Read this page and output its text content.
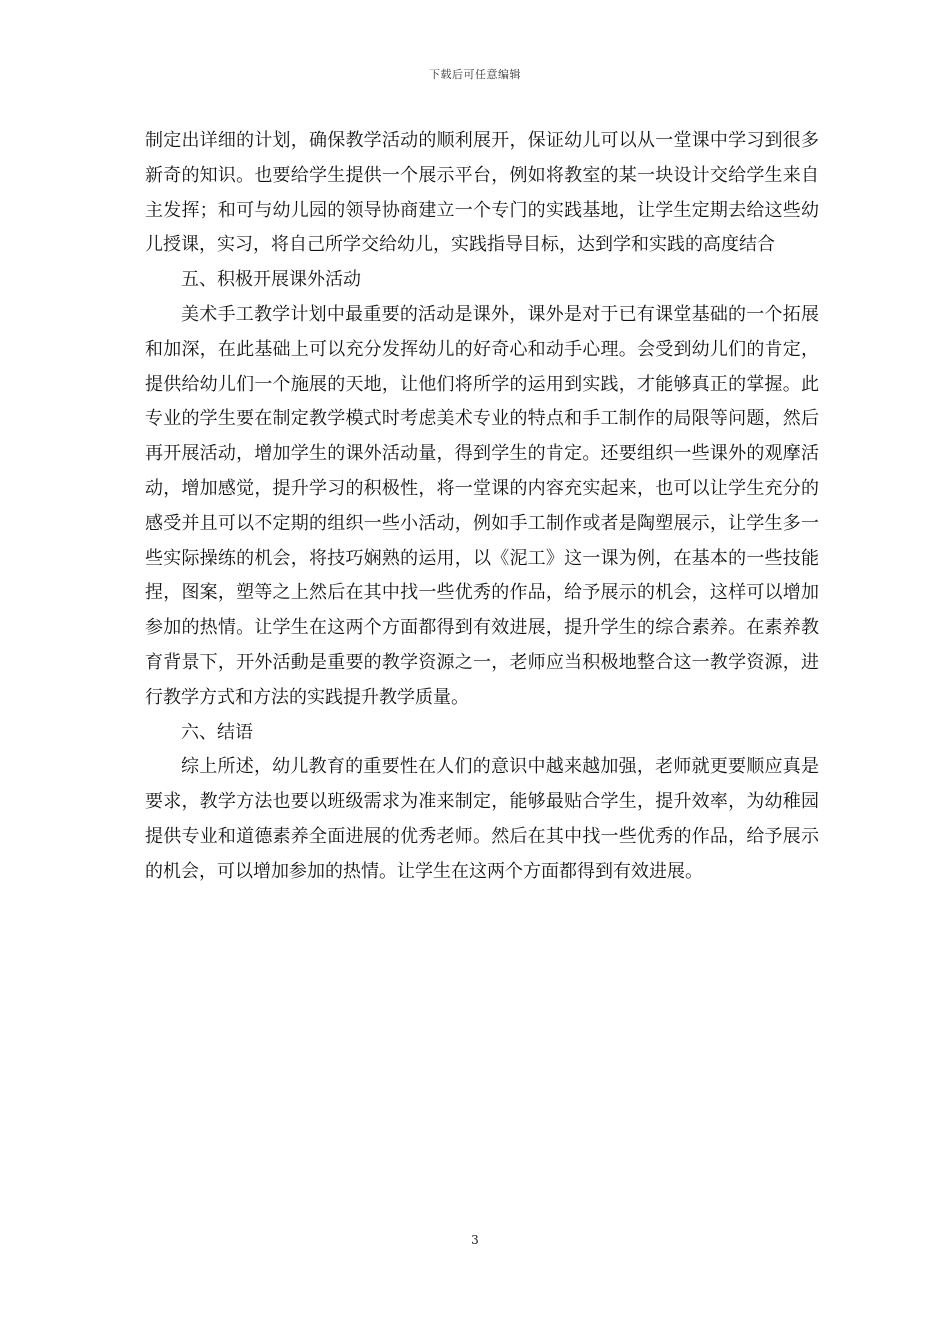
下载后可任意编辑

制定出详细的计划，确保教学活动的顺利展开，保证幼儿可以从一堂课中学习到很多新奇的知识。也要给学生提供一个展示平台，例如将教室的某一块设计交给学生来自主发挥；和可与幼儿园的领导协商建立一个专门的实践基地，让学生定期去给这些幼儿授课，实习，将自己所学交给幼儿，实践指导目标，达到学和实践的高度结合

五、积极开展课外活动

美术手工教学计划中最重要的活动是课外，课外是对于已有课堂基础的一个拓展和加深，在此基础上可以充分发挥幼儿的好奇心和动手心理。会受到幼儿们的肯定，提供给幼儿们一个施展的天地，让他们将所学的运用到实践，才能够真正的掌握。此专业的学生要在制定教学模式时考虑美术专业的特点和手工制作的局限等问题，然后再开展活动，增加学生的课外活动量，得到学生的肯定。还要组织一些课外的观摩活动，增加感觉，提升学习的积极性，将一堂课的内容充实起来，也可以让学生充分的感受并且可以不定期的组织一些小活动，例如手工制作或者是陶塑展示，让学生多一些实际操练的机会，将技巧娴熟的运用，以《泥工》这一课为例，在基本的一些技能捏，图案，塑等之上然后在其中找一些优秀的作品，给予展示的机会，这样可以增加参加的热情。让学生在这两个方面都得到有效进展，提升学生的综合素养。在素养教育背景下，开外活動是重要的教学资源之一，老师应当积极地整合这一教学资源，进行教学方式和方法的实践提升教学质量。

六、结语

综上所述，幼儿教育的重要性在人们的意识中越来越加强，老师就更要顺应真是要求，教学方法也要以班级需求为准来制定，能够最贴合学生，提升效率，为幼稚园提供专业和道德素养全面进展的优秀老师。然后在其中找一些优秀的作品，给予展示的机会，可以增加参加的热情。让学生在这两个方面都得到有效进展。

3
